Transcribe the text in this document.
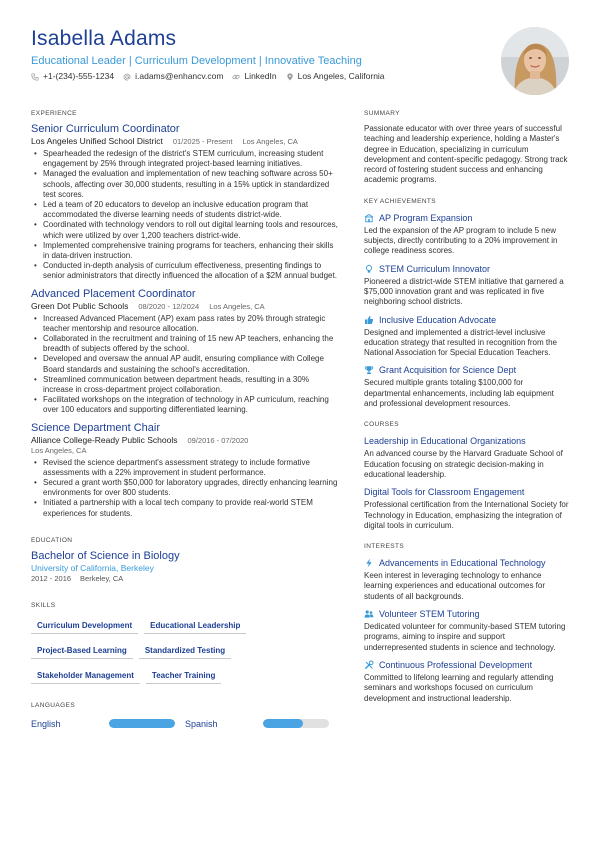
Isabella Adams
Educational Leader | Curriculum Development | Innovative Teaching
+1-(234)-555-1234 i.adams@enhancv.com LinkedIn Los Angeles, California
EXPERIENCE
Senior Curriculum Coordinator
Los Angeles Unified School District 01/2025 - Present Los Angeles, CA
• Spearheaded the redesign of the district's STEM curriculum, increasing student engagement by 25% through integrated project-based learning initiatives.
• Managed the evaluation and implementation of new teaching software across 50+ schools, affecting over 30,000 students, resulting in a 15% uptick in standardized test scores.
• Led a team of 20 educators to develop an inclusive education program that accommodated the diverse learning needs of students district-wide.
• Coordinated with technology vendors to roll out digital learning tools and resources, which were utilized by over 1,200 teachers district-wide.
• Implemented comprehensive training programs for teachers, enhancing their skills in data-driven instruction.
• Conducted in-depth analysis of curriculum effectiveness, presenting findings to senior administrators that directly influenced the allocation of a $2M annual budget.
Advanced Placement Coordinator
Green Dot Public Schools 08/2020 - 12/2024 Los Angeles, CA
• Increased Advanced Placement (AP) exam pass rates by 20% through strategic teacher mentorship and resource allocation.
• Collaborated in the recruitment and training of 15 new AP teachers, enhancing the breadth of subjects offered by the school.
• Developed and oversaw the annual AP audit, ensuring compliance with College Board standards and sustaining the school's accreditation.
• Streamlined communication between department heads, resulting in a 30% increase in cross-department project collaboration.
• Facilitated workshops on the integration of technology in AP curriculum, reaching over 100 educators and supporting differentiated learning.
Science Department Chair
Alliance College-Ready Public Schools 09/2016 - 07/2020
Los Angeles, CA
• Revised the science department's assessment strategy to include formative assessments with a 22% improvement in student performance.
• Secured a grant worth $50,000 for laboratory upgrades, directly enhancing learning environments for over 800 students.
• Initiated a partnership with a local tech company to provide real-world STEM experiences for students.
EDUCATION
Bachelor of Science in Biology
University of California, Berkeley
2012 - 2016 Berkeley, CA
SKILLS
Curriculum Development	Educational Leadership
Project-Based Learning	Standardized Testing
Stakeholder Management	Teacher Training
LANGUAGES
English	Spanish
SUMMARY
Passionate educator with over three years of successful teaching and leadership experience, holding a Master's degree in Education, specializing in curriculum development and content-specific pedagogy. Strong track record of fostering student success and enhancing academic programs.
KEY ACHIEVEMENTS
AP Program Expansion
Led the expansion of the AP program to include 5 new subjects, directly contributing to a 20% improvement in college readiness scores.
STEM Curriculum Innovator
Pioneered a district-wide STEM initiative that garnered a $75,000 innovation grant and was replicated in five neighboring school districts.
Inclusive Education Advocate
Designed and implemented a district-level inclusive education strategy that resulted in recognition from the National Association for Special Education Teachers.
Grant Acquisition for Science Dept
Secured multiple grants totaling $100,000 for departmental enhancements, including lab equipment and professional development resources.
COURSES
Leadership in Educational Organizations
An advanced course by the Harvard Graduate School of Education focusing on strategic decision-making in educational leadership.
Digital Tools for Classroom Engagement
Professional certification from the International Society for Technology in Education, emphasizing the integration of digital tools in curriculum.
INTERESTS
Advancements in Educational Technology
Keen interest in leveraging technology to enhance learning experiences and educational outcomes for students of all backgrounds.
Volunteer STEM Tutoring
Dedicated volunteer for community-based STEM tutoring programs, aiming to inspire and support underrepresented students in science and technology.
Continuous Professional Development
Committed to lifelong learning and regularly attending seminars and workshops focused on curriculum development and instructional leadership.
